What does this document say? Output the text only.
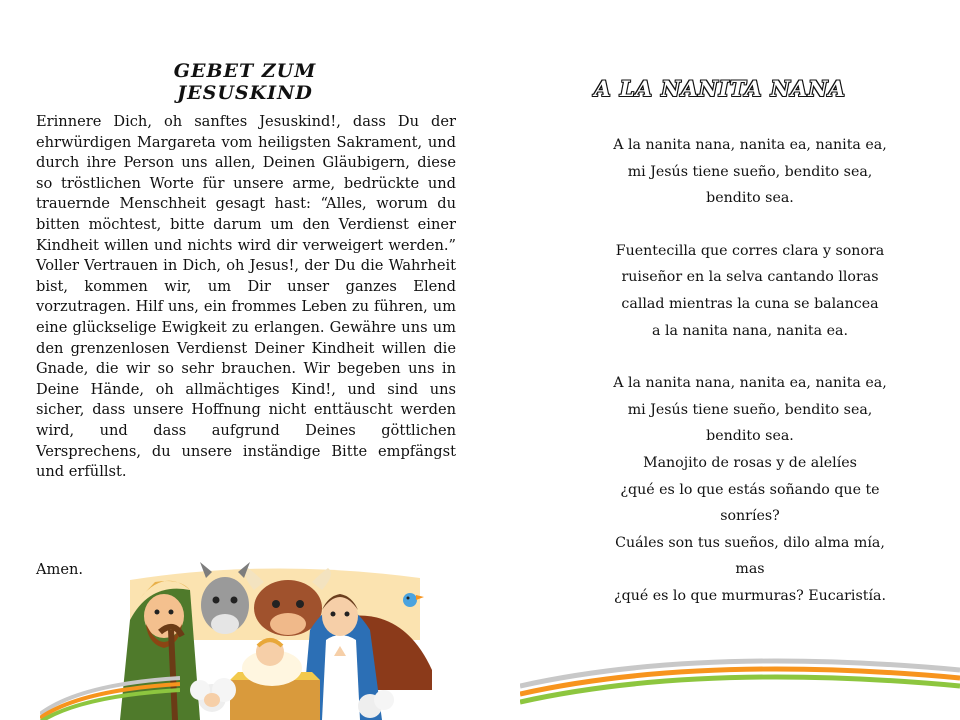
GEBET ZUM JESUSKIND

Erinnere Dich, oh sanftes Jesuskind!, dass Du der ehrwürdigen Margareta vom heiligsten Sakrament, und durch ihre Person uns allen, Deinen Gläubigern, diese so tröstlichen Worte für unsere arme, bedrückte und trauernde Menschheit gesagt hast: “Alles, worum du bitten möchtest, bitte darum um den Verdienst einer Kindheit willen und nichts wird dir verweigert werden.” Voller Vertrauen in Dich, oh Jesus!, der Du die Wahrheit bist, kommen wir, um Dir unser ganzes Elend vorzutragen. Hilf uns, ein frommes Leben zu führen, um eine glückselige Ewigkeit zu erlangen. Gewähre uns um den grenzenlosen Verdienst Deiner Kindheit willen die Gnade, die wir so sehr brauchen. Wir begeben uns in Deine Hände, oh allmächtiges Kind!, und sind uns sicher, dass unsere Hoffnung nicht enttäuscht werden wird, und dass aufgrund Deines göttlichen Versprechens, du unsere inständige Bitte empfängst und erfüllst.

Amen.

A LA NANITA NANA
A la nanita nana, nanita ea, nanita ea,
mi Jesús tiene sueño, bendito sea,
bendito sea.
Fuentecilla que corres clara y sonora
ruiseñor en la selva cantando lloras
callad mientras la cuna se balancea
a la nanita nana, nanita ea.
A la nanita nana, nanita ea, nanita ea,
mi Jesús tiene sueño, bendito sea,
bendito sea.
Manojito de rosas y de alelíes
¿qué es lo que estás soñando que te
sonríes?
Cuáles son tus sueños, dilo alma mía,
mas
¿qué es lo que murmuras? Eucaristía.
